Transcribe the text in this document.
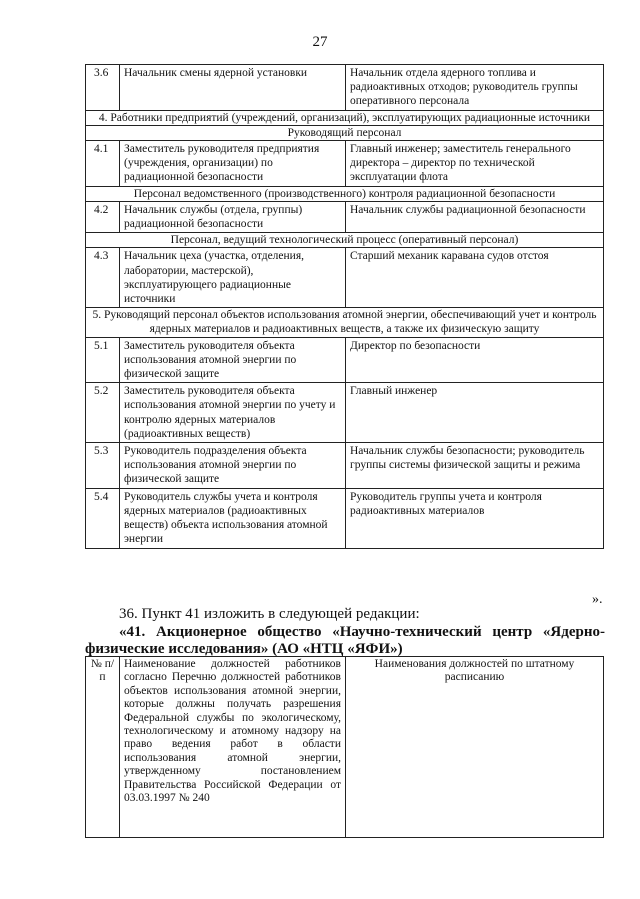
27
3.6	Начальник смены ядерной установки	Начальник отдела ядерного топлива и радиоактивных отходов; руководитель группы оперативного персонала
4. Работники предприятий (учреждений, организаций), эксплуатирующих радиационные источники		
Руководящий персонал		
4.1	Заместитель руководителя предприятия (учреждения, организации) по радиационной безопасности	Главный инженер; заместитель генерального директора – директор по технической эксплуатации флота
Персонал ведомственного (производственного) контроля радиационной безопасности		
4.2	Начальник службы (отдела, группы) радиационной безопасности	Начальник службы радиационной безопасности
Персонал, ведущий технологический процесс (оперативный персонал)		
4.3	Начальник цеха (участка, отделения, лаборатории, мастерской), эксплуатирующего радиационные источники	Старший механик каравана судов отстоя
5. Руководящий персонал объектов использования атомной энергии, обеспечивающий учет и контроль ядерных материалов и радиоактивных веществ, а также их физическую защиту		
5.1	Заместитель руководителя объекта использования атомной энергии по физической защите	Директор по безопасности
5.2	Заместитель руководителя объекта использования атомной энергии по учету и контролю ядерных материалов (радиоактивных веществ)	Главный инженер
5.3	Руководитель подразделения объекта использования атомной энергии по физической защите	Начальник службы безопасности; руководитель группы системы физической защиты и режима
5.4	Руководитель службы учета и контроля ядерных материалов (радиоактивных веществ) объекта использования атомной энергии	Руководитель группы учета и контроля радиоактивных материалов
».
36. Пункт 41 изложить в следующей редакции:
«41. Акционерное общество «Научно-технический центр «Ядерно-
физические исследования» (АО «НТЦ «ЯФИ»)
№ п/п	Наименование должностей работников согласно Перечню должностей работников объектов использования атомной энергии, которые должны получать разрешения Федеральной службы по экологическому, технологическому и атомному надзору на право ведения работ в области использования атомной энергии, утвержденному постановлением Правительства Российской Федерации от 03.03.1997 № 240	Наименования должностей по штатному расписанию
